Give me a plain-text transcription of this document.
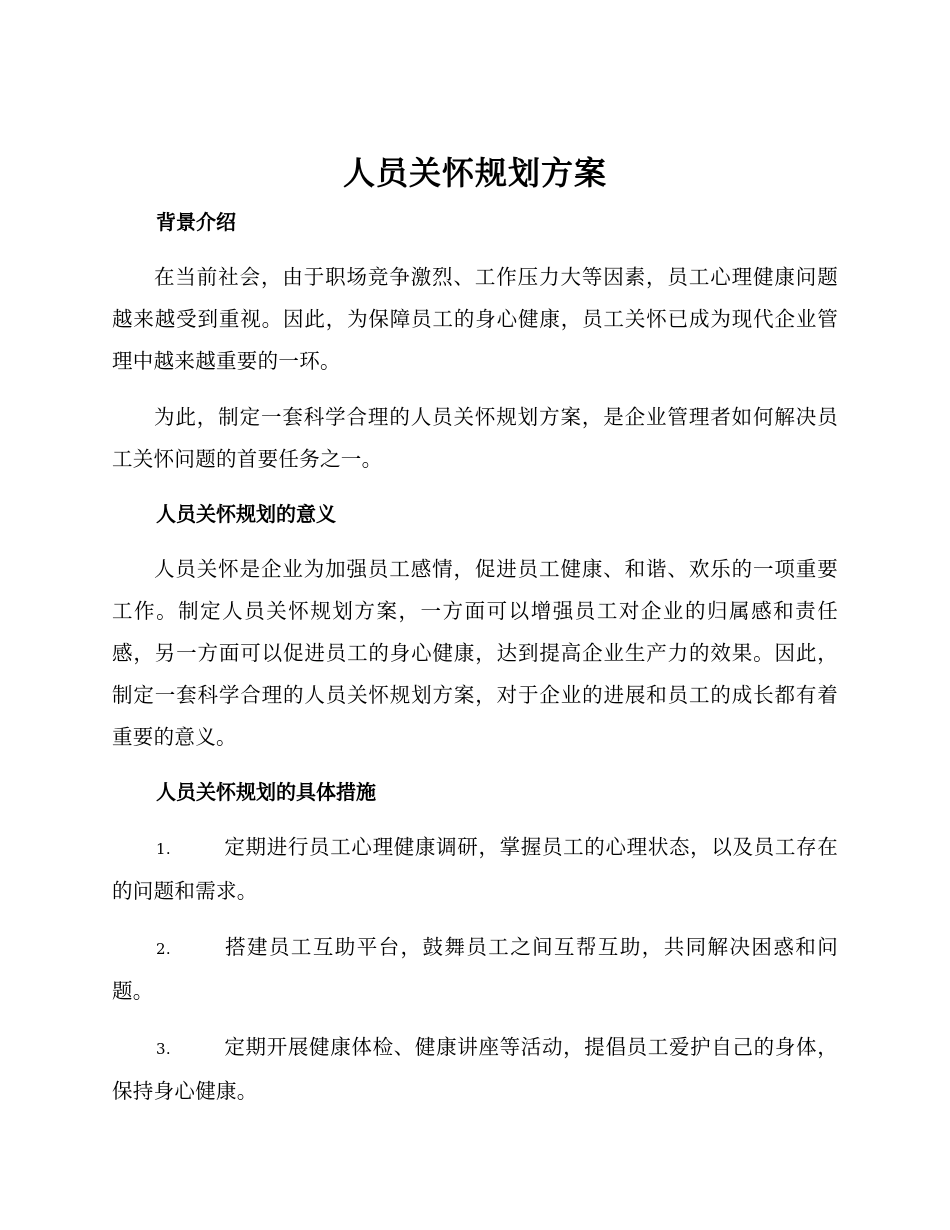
人员关怀规划方案
背景介绍

在当前社会，由于职场竞争激烈、工作压力大等因素，员工心理健康问题越来越受到重视。因此，为保障员工的身心健康，员工关怀已成为现代企业管理中越来越重要的一环。

为此，制定一套科学合理的人员关怀规划方案，是企业管理者如何解决员工关怀问题的首要任务之一。

人员关怀规划的意义

人员关怀是企业为加强员工感情，促进员工健康、和谐、欢乐的一项重要工作。制定人员关怀规划方案，一方面可以增强员工对企业的归属感和责任感，另一方面可以促进员工的身心健康，达到提高企业生产力的效果。因此，制定一套科学合理的人员关怀规划方案，对于企业的进展和员工的成长都有着重要的意义。

人员关怀规划的具体措施
1.	定期进行员工心理健康调研，掌握员工的心理状态，以及员工存在的问题和需求。
2.	搭建员工互助平台，鼓舞员工之间互帮互助，共同解决困惑和问题。
3.	定期开展健康体检、健康讲座等活动，提倡员工爱护自己的身体，保持身心健康。
